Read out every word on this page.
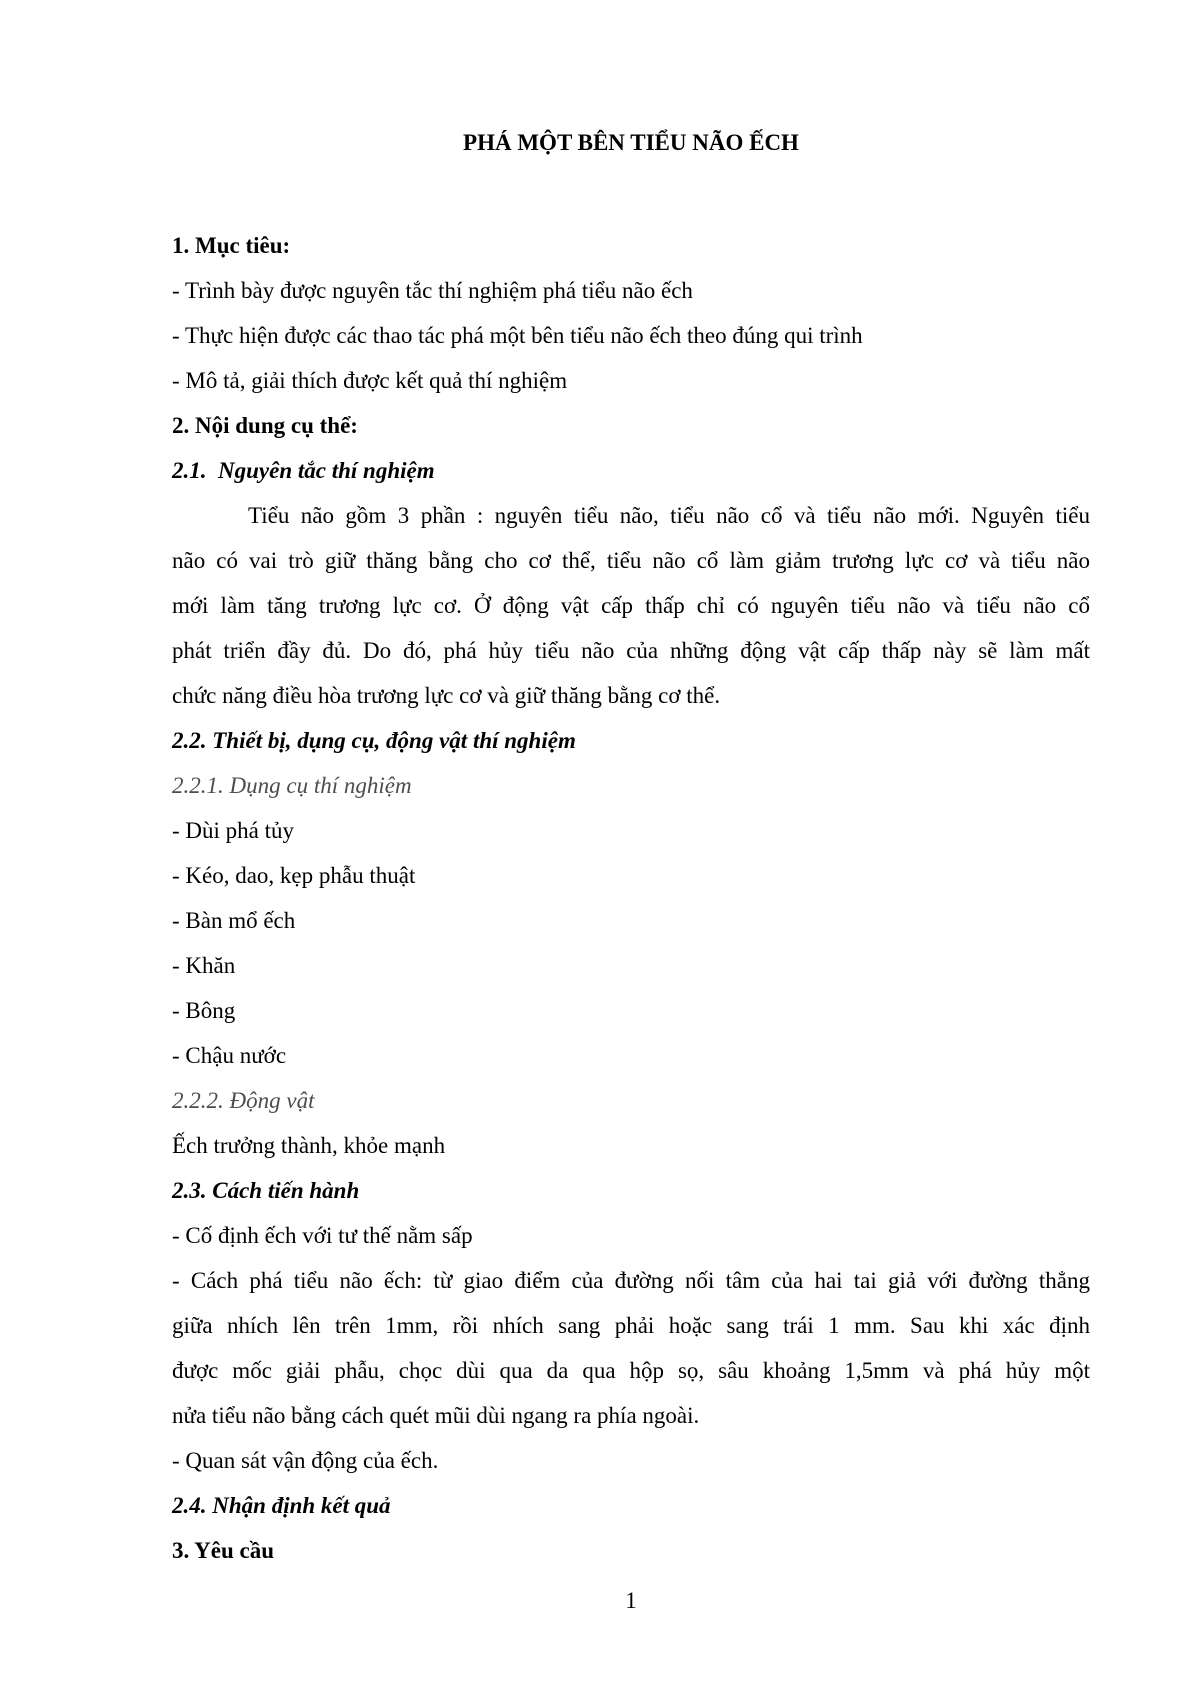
PHÁ MỘT BÊN TIỂU NÃO ẾCH
1. Mục tiêu:
- Trình bày được nguyên tắc thí nghiệm phá tiểu não ếch
- Thực hiện được các thao tác phá một bên tiểu não ếch theo đúng qui trình
- Mô tả, giải thích được kết quả thí nghiệm
2. Nội dung cụ thể:
2.1.  Nguyên tắc thí nghiệm
Tiểu não gồm 3 phần : nguyên tiểu não, tiểu não cổ và tiểu não mới. Nguyên tiểu
não có vai trò giữ thăng bằng cho cơ thể, tiểu não cổ làm giảm trương lực cơ và tiểu não
mới làm tăng trương lực cơ. Ở động vật cấp thấp chỉ có nguyên tiểu não và tiểu não cổ
phát triển đầy đủ. Do đó, phá hủy tiểu não của những động vật cấp thấp này sẽ làm mất
chức năng điều hòa trương lực cơ và giữ thăng bằng cơ thể.
2.2. Thiết bị, dụng cụ, động vật thí nghiệm
2.2.1. Dụng cụ thí nghiệm
- Dùi phá tủy
- Kéo, dao, kẹp phẫu thuật
- Bàn mổ ếch
- Khăn
- Bông
- Chậu nước
2.2.2. Động vật
Ếch trưởng thành, khỏe mạnh
2.3. Cách tiến hành
- Cố định ếch với tư thế nằm sấp
- Cách phá tiểu não ếch: từ giao điểm của đường nối tâm của hai tai giả với đường thẳng
giữa nhích lên trên 1mm, rồi nhích sang phải hoặc sang trái 1 mm. Sau khi xác định
được mốc giải phẫu, chọc dùi qua da qua hộp sọ, sâu khoảng 1,5mm và phá hủy một
nửa tiểu não bằng cách quét mũi dùi ngang ra phía ngoài.
- Quan sát vận động của ếch.
2.4. Nhận định kết quả
3. Yêu cầu
1
